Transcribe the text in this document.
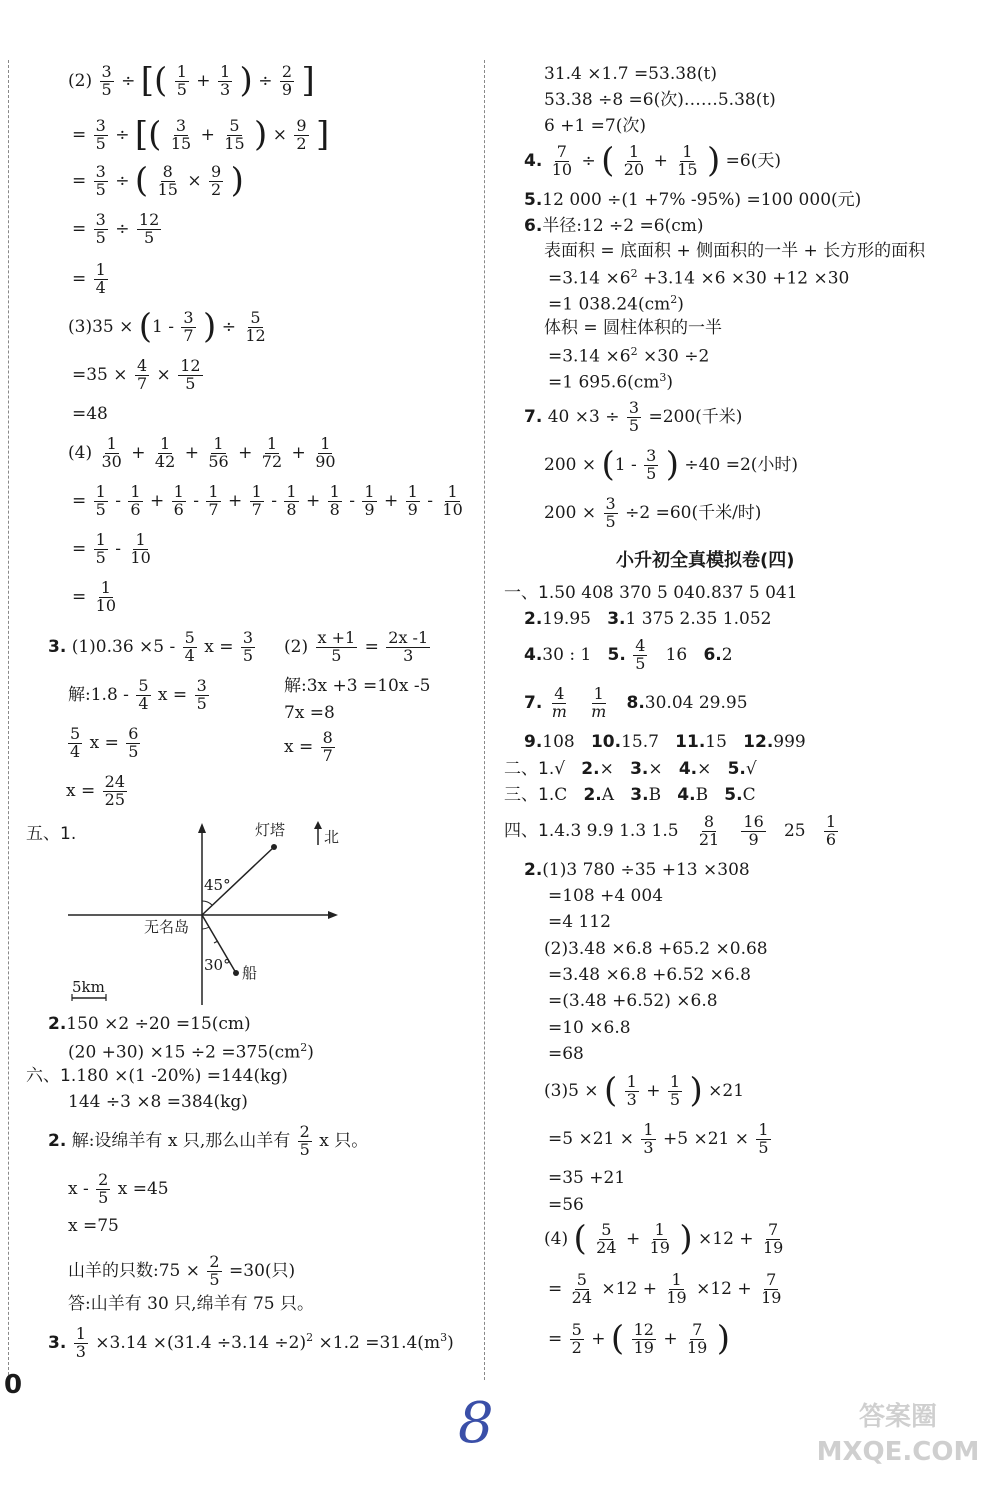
$(2) \frac{3}{5}$ ÷ [( $\frac{1}{5} + \frac{1}{3}$ ) ÷ $\frac{2}{9}$ ]
= $\frac{3}{5}$ ÷ [( $\frac{3}{15} + \frac{5}{15}$ ) × $\frac{9}{2}$ ]
= $\frac{3}{5}$ ÷ ( $\frac{8}{15} \times \frac{9}{2}$ )
= $\frac{3}{5} \div \frac{12}{5}$
= $\frac{1}{4}$
$(3)35 \times (1 - \frac{3}{7}$ ) ÷ $\frac{5}{12}$
$=35 \times \frac{4}{7} \times \frac{12}{5}$
=48
$(4) \frac{1}{30} + \frac{1}{42} + \frac{1}{56} + \frac{1}{72} + \frac{1}{90}$
= $\frac{1}{5} - \frac{1}{6} + \frac{1}{6} - \frac{1}{7} + \frac{1}{7} - \frac{1}{8} + \frac{1}{8} - \frac{1}{9} + \frac{1}{9} - \frac{1}{10}$
= $\frac{1}{5} - \frac{1}{10}$
= $\frac{1}{10}$
3. $(1)0.36 \times 5 - \frac{5}{4}$ $x = \frac{3}{5}$
解:1.8 - $\frac{5}{4}$ $x = \frac{3}{5}$
$\frac{5}{4}$ $x = \frac{6}{5}$
$x = \frac{24}{25}$
$(2) \frac{x +1}{5} = \frac{2x -1}{3}$
解:3x +3 =10x -5
7x =8
$x = \frac{8}{7}$
五、1.	灯塔	北
45°
无名岛
30° 船
5km
2.150 ×2 ÷20 =15(cm)
$(20 +30) \times 15 \div 2 =375(cm^2)$
六、1.180 ×(1 -20%) =144(kg)
144 ÷3 ×8 =384(kg)
2. 解:设绵羊有 x 只,那么山羊有 $\frac{2}{5}$ x 只。
x - $\frac{2}{5}$ x =45
x =75
山羊的只数:75 × $\frac{2}{5} =30$(只)
答:山羊有 30 只,绵羊有 75 只。
3. $\frac{1}{3} \times 3.14 \times(31.4 \div 3.14 \div 2)^2 \times 1.2 =31.4(m^3)$
0
31.4 ×1.7 =53.38(t)
53.38 ÷8 =6(次)……5.38(t)
6 +1 =7(次)
4. $\frac{7}{10}$ ÷ ( $\frac{1}{20} + \frac{1}{15}$ ) =6(天)
5.12 000 ÷(1 +7% -95%) =100 000(元)
6.半径:12 ÷2 =6(cm)
表面积 = 底面积 + 侧面积的一半 + 长方形的面积
$=3.14 \times 6^2 +3.14 \times 6 \times 30 +12 \times 30$
=1 $038.24(cm^2)$
体积 = 圆柱体积的一半
$=3.14 \times 6^2 \times 30 \div 2$
=1 $695.6(cm^3)$
7. $40 \times 3 \div \frac{3}{5} =200$(千米)
$200 \times (1 - \frac{3}{5}$ ) ÷40 =2(小时)
$200 \times \frac{3}{5} \div 2 =60$(千米/时)
小升初全真模拟卷(四)
一、1.50 408 370 5 040.837 5 041
2.19.95 3.1 375 2.35 1.052
4.30 : 1 5. $\frac{4}{5} 16$ 6.2
7. $\frac{4}{m}$
$\frac{1}{m} 8.30.04$ 29.95
9.108 10.15.7 11.15 12.999
二、1.√ 2.× 3.× 4.× 5.√
三、1.C 2.A 3.B 4.B 5.C
四、1.4.3 9.9 1.3 $1.5 \frac{8}{21}$
$\frac{16}{9} 25 \frac{1}{6}$
2.(1)3 780 ÷35 +13 ×308
=108 +4 004
=4 112
(2)3.48 ×6.8 +65.2 ×0.68
=3.48 ×6.8 +6.52 ×6.8
=(3.48 +6.52) ×6.8
=10 ×6.8
=68
(3)5 × ( $\frac{1}{3} + \frac{1}{5}$ ) ×21
$=5 \times 21 \times \frac{1}{3} +5 \times 21 \times \frac{1}{5}$
=35 +21
=56
(4) ( $\frac{5}{24} + \frac{1}{19}$ ) $\times 12 + \frac{7}{19}$
= $\frac{5}{24} \times 12 + \frac{1}{19} \times 12 + \frac{7}{19}$
= $\frac{5}{2}$ + ( $\frac{12}{19} + \frac{7}{19}$ )
8	答案圈 MXQE.COM
